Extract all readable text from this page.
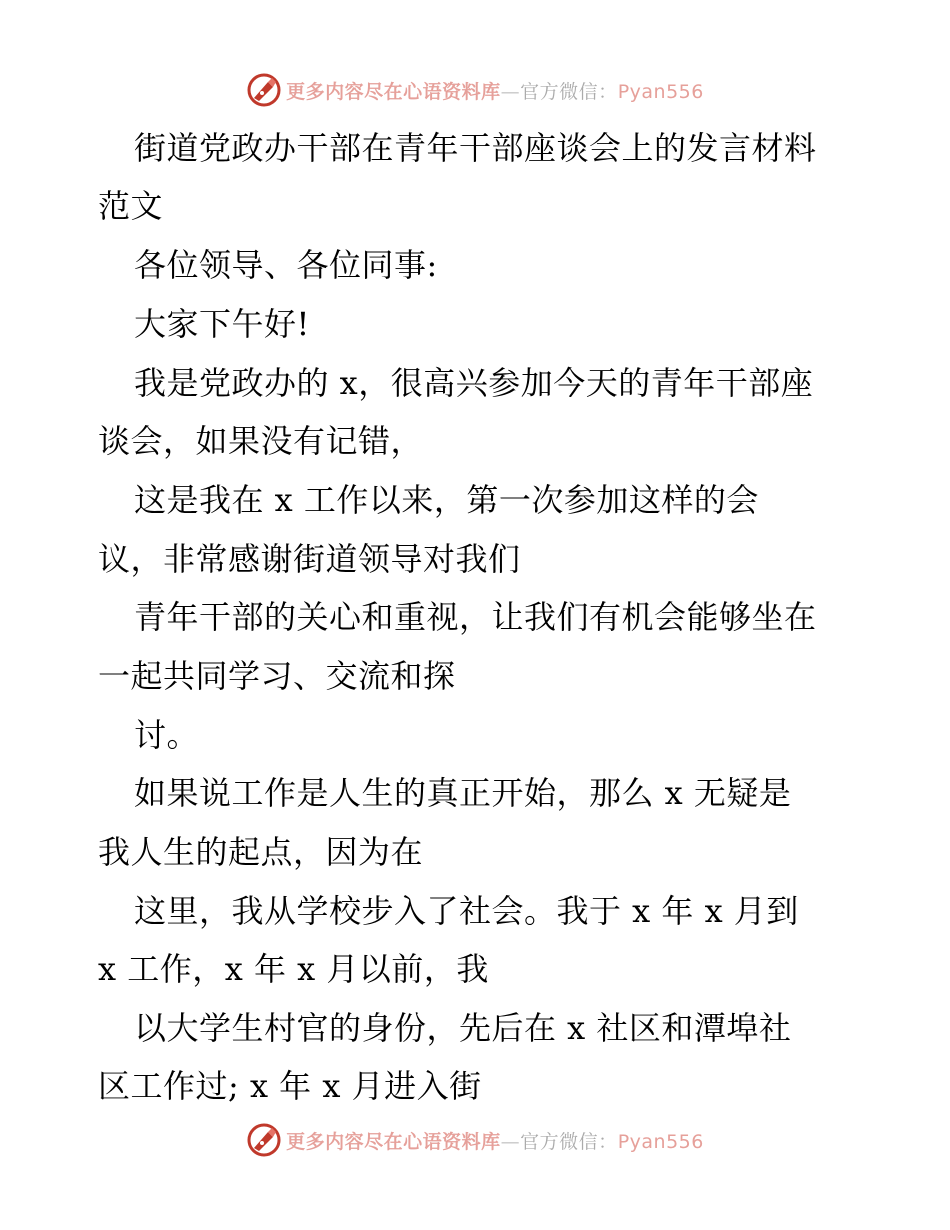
更多内容尽在心语资料库—官方微信：Pyan556
街道党政办干部在青年干部座谈会上的发言材料
范文
各位领导、各位同事:
大家下午好!
我是党政办的 x，很高兴参加今天的青年干部座
谈会，如果没有记错，
这是我在 x 工作以来，第一次参加这样的会
议，非常感谢街道领导对我们
青年干部的关心和重视，让我们有机会能够坐在
一起共同学习、交流和探
讨。
如果说工作是人生的真正开始，那么 x 无疑是
我人生的起点，因为在
这里，我从学校步入了社会。我于 x 年 x 月到
x 工作，x 年 x 月以前，我
以大学生村官的身份，先后在 x 社区和潭埠社
区工作过; x 年 x 月进入街
更多内容尽在心语资料库—官方微信：Pyan556
